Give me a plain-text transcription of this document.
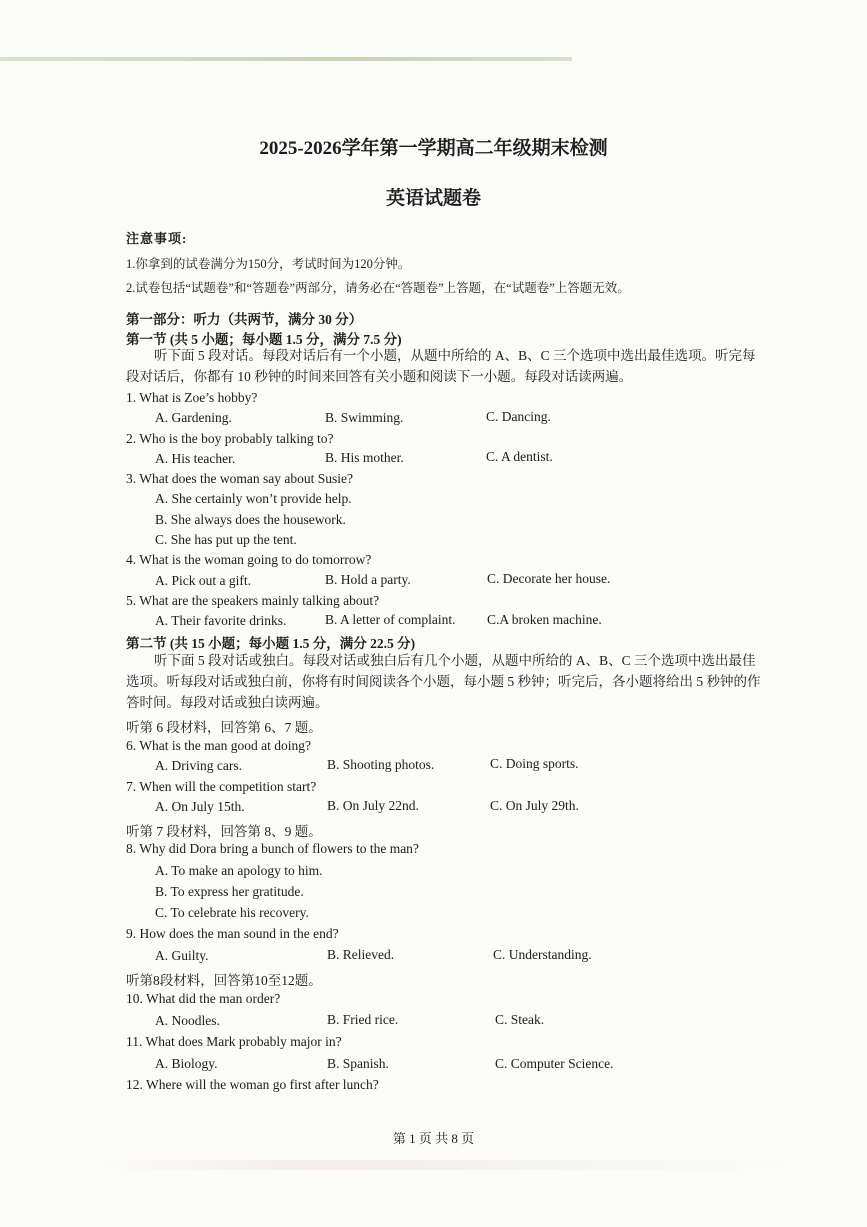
2025-2026学年第一学期高二年级期末检测
英语试题卷
注意事项:
1.你拿到的试卷满分为150分，考试时间为120分钟。
2.试卷包括“试题卷”和“答题卷”两部分，请务必在“答题卷”上答题，在“试题卷”上答题无效。
第一部分：听力（共两节，满分 30 分）
第一节 (共 5 小题；每小题 1.5 分，满分 7.5 分)
听下面 5 段对话。每段对话后有一个小题，从题中所给的 A、B、C 三个选项中选出最佳选项。听完每段对话后，你都有 10 秒钟的时间来回答有关小题和阅读下一小题。每段对话读两遍。
1. What is Zoe’s hobby?
A. Gardening.	B. Swimming.	C. Dancing.
2. Who is the boy probably talking to?
A. His teacher.	B. His mother.	C. A dentist.
3. What does the woman say about Susie?
A. She certainly won’t provide help.
B. She always does the housework.
C. She has put up the tent.
4. What is the woman going to do tomorrow?
A. Pick out a gift.	B. Hold a party.	C. Decorate her house.
5. What are the speakers mainly talking about?
A. Their favorite drinks.	B. A letter of complaint. C.A broken machine.
第二节 (共 15 小题；每小题 1.5 分，满分 22.5 分)
听下面 5 段对话或独白。每段对话或独白后有几个小题，从题中所给的 A、B、C 三个选项中选出最佳选项。听每段对话或独白前，你将有时间阅读各个小题，每小题 5 秒钟；听完后，各小题将给出 5 秒钟的作答时间。每段对话或独白读两遍。
听第 6 段材料，回答第 6、7 题。
6. What is the man good at doing?
A. Driving cars.	B. Shooting photos.	C. Doing sports.
7. When will the competition start?
A. On July 15th.	B. On July 22nd.	C. On July 29th.
听第 7 段材料，回答第 8、9 题。
8. Why did Dora bring a bunch of flowers to the man?
A. To make an apology to him.
B. To express her gratitude.
C. To celebrate his recovery.
9. How does the man sound in the end?
A. Guilty.	B. Relieved.	C. Understanding.
听第8段材料，回答第10至12题。
10. What did the man order?
A. Noodles.	B. Fried rice.	C. Steak.
11. What does Mark probably major in?
A. Biology.	B. Spanish.	C. Computer Science.
12. Where will the woman go first after lunch?
第 1 页 共 8 页
